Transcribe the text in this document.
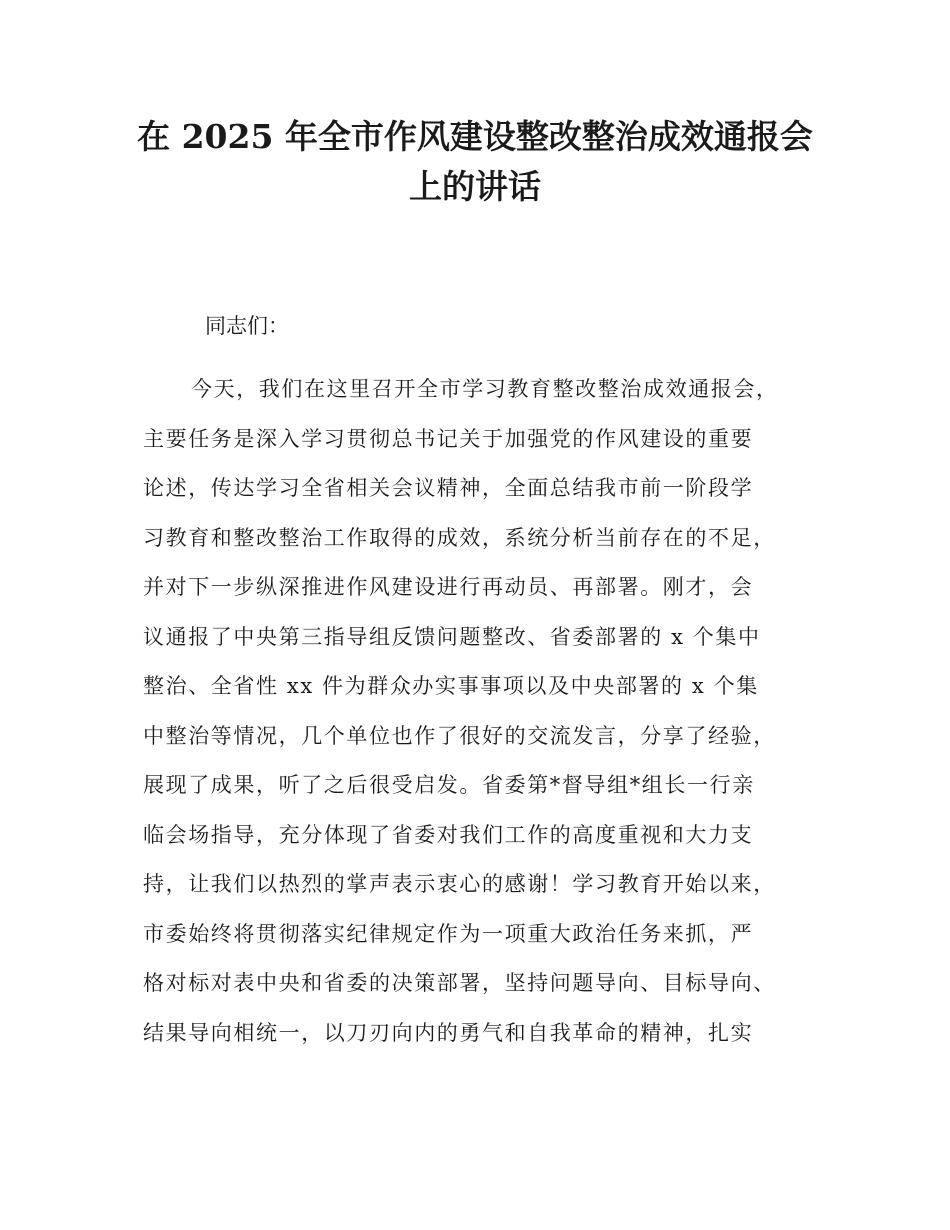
在 2025 年全市作风建设整改整治成效通报会
上的讲话
同志们：
今天，我们在这里召开全市学习教育整改整治成效通报会，
主要任务是深入学习贯彻总书记关于加强党的作风建设的重要
论述，传达学习全省相关会议精神，全面总结我市前一阶段学
习教育和整改整治工作取得的成效，系统分析当前存在的不足，
并对下一步纵深推进作风建设进行再动员、再部署。刚才，会
议通报了中央第三指导组反馈问题整改、省委部署的 x 个集中
整治、全省性 xx 件为群众办实事事项以及中央部署的 x 个集
中整治等情况，几个单位也作了很好的交流发言，分享了经验，
展现了成果，听了之后很受启发。省委第*督导组*组长一行亲
临会场指导，充分体现了省委对我们工作的高度重视和大力支
持，让我们以热烈的掌声表示衷心的感谢！学习教育开始以来，
市委始终将贯彻落实纪律规定作为一项重大政治任务来抓，严
格对标对表中央和省委的决策部署，坚持问题导向、目标导向、
结果导向相统一，以刀刃向内的勇气和自我革命的精神，扎实
